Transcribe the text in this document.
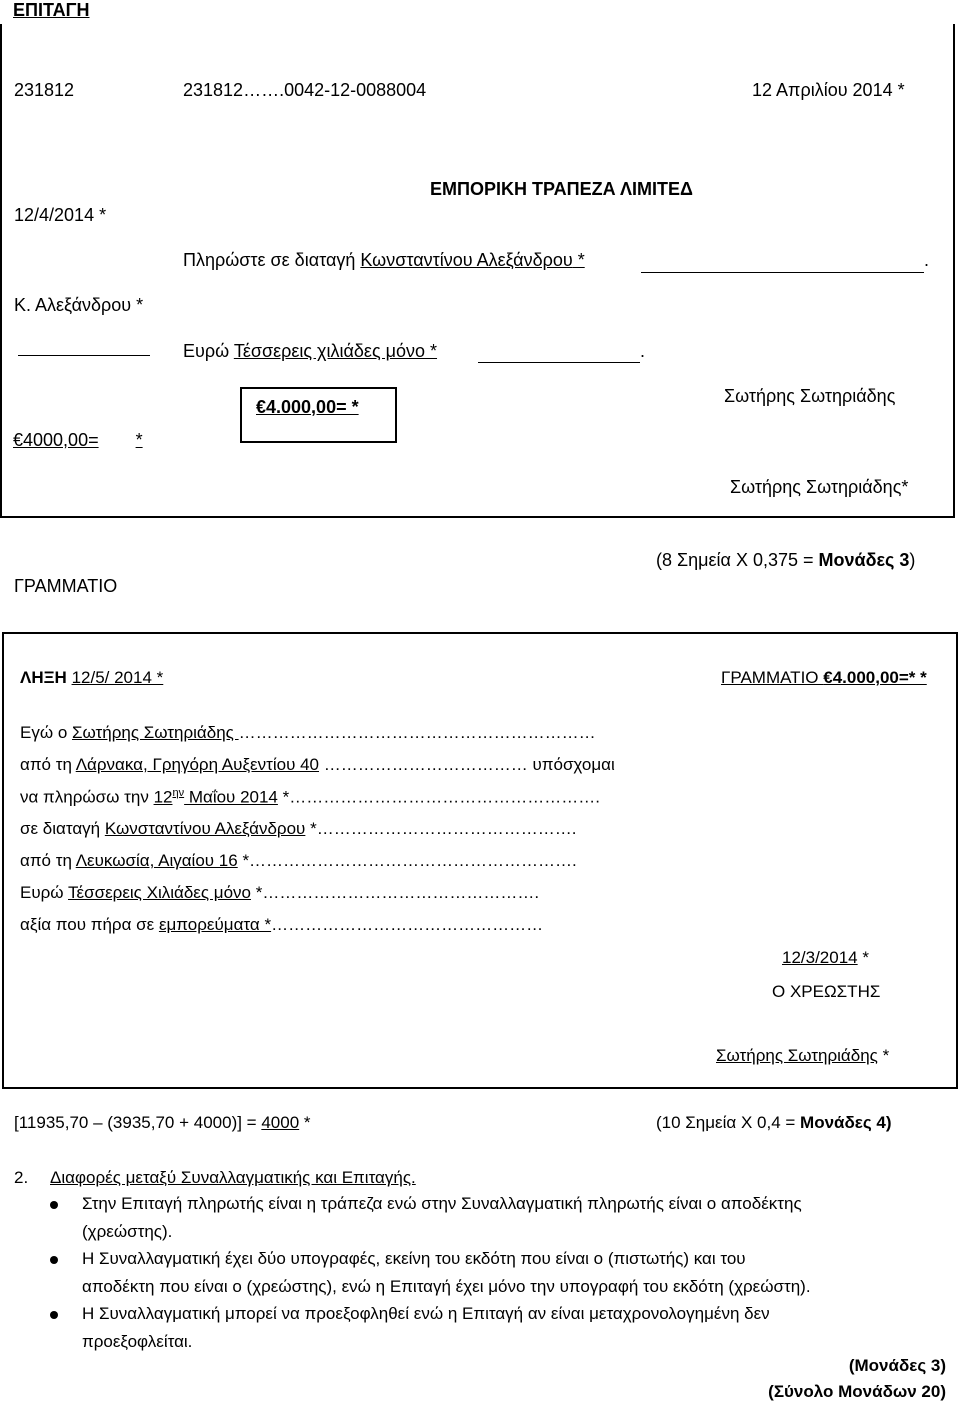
ΕΠΙΤΑΓΗ
231812	231812…….0042-12-0088004	12 Απριλίου 2014 *
12/4/2014 *
ΕΜΠΟΡΙΚΗ ΤΡΑΠΕΖΑ ΛΙΜΙΤΕΔ
Πληρώστε σε διαταγή Κωνσταντίνου Αλεξάνδρου *	.
Κ. Αλεξάνδρου *
Ευρώ Τέσσερεις χιλιάδες μόνο *	.
€4.000,00= *
€4000,00= *
Σωτήρης Σωτηριάδης
Σωτήρης Σωτηριάδης*
ΓΡΑΜΜΑΤΙΟ
(8 Σημεία Χ 0,375 = Μονάδες 3)
ΛΗΞΗ 12/5/ 2014 *	ΓΡΑΜΜΑΤΙΟ €4.000,00=* *
Εγώ ο Σωτήρης Σωτηριάδης ………………………………………………………
από τη Λάρνακα, Γρηγόρη Αυξεντίου 40 ……………………………… υπόσχομαι
να πληρώσω την $12^{\eta\nu}$ Μαΐου 2014 *……………………………………………….
σε διαταγή Κωνσταντίνου Αλεξάνδρου *……………………………………….
από τη Λευκωσία, Αιγαίου 16 *………………………………………………….
Ευρώ Τέσσερεις Χιλιάδες μόνο *………………………………………….
αξία που πήρα σε εμπορεύματα *…………………………………………
12/3/2014 *
Ο ΧΡΕΩΣΤΗΣ
Σωτήρης Σωτηριάδης *
[11935,70 – (3935,70 + 4000)] = 4000 *	(10 Σημεία Χ 0,4 = Μονάδες 4)
2. Διαφορές μεταξύ Συναλλαγματικής και Επιταγής.
Στην Επιταγή πληρωτής είναι η τράπεζα ενώ στην Συναλλαγματική πληρωτής είναι ο αποδέκτης
(χρεώστης).
Η Συναλλαγματική έχει δύο υπογραφές, εκείνη του εκδότη που είναι ο (πιστωτής) και του
αποδέκτη που είναι ο (χρεώστης), ενώ η Επιταγή έχει μόνο την υπογραφή του εκδότη (χρεώστη).
Η Συναλλαγματική μπορεί να προεξοφληθεί ενώ η Επιταγή αν είναι μεταχρονολογημένη δεν
προεξοφλείται.
(Μονάδες 3)
(Σύνολο Μονάδων 20)
